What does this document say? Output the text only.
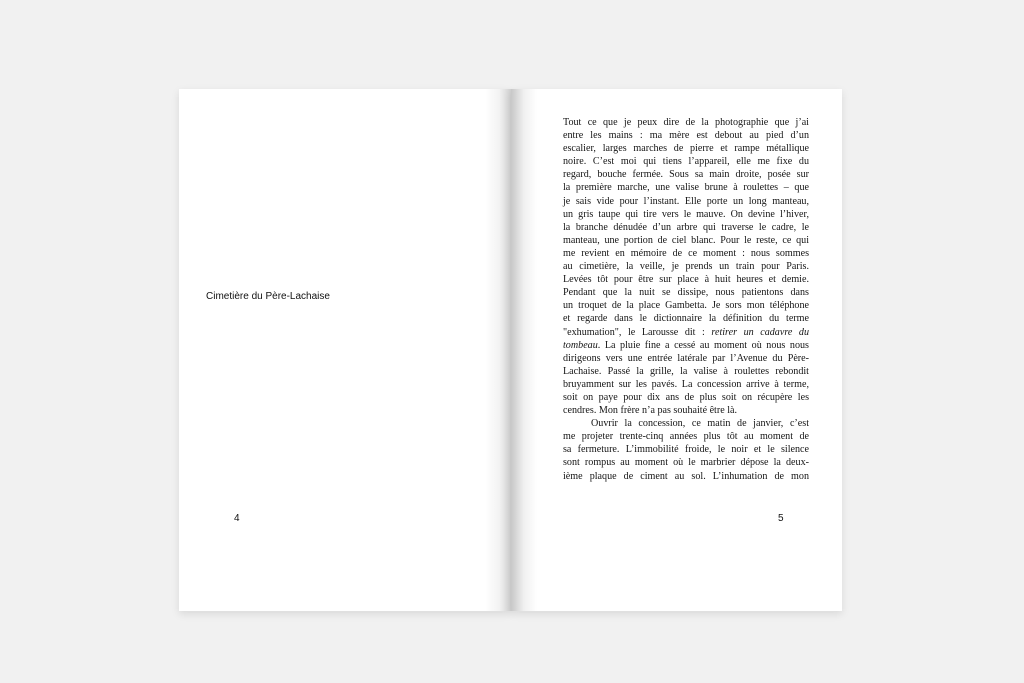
Cimetière du Père-Lachaise
4
Tout ce que je peux dire de la photographie que j’ai
entre les mains : ma mère est debout au pied d’un
escalier, larges marches de pierre et rampe métallique
noire. C’est moi qui tiens l’appareil, elle me fixe du
regard, bouche fermée. Sous sa main droite, posée sur
la première marche, une valise brune à roulettes – que
je sais vide pour l’instant. Elle porte un long manteau,
un gris taupe qui tire vers le mauve. On devine l’hiver,
la branche dénudée d’un arbre qui traverse le cadre, le
manteau, une portion de ciel blanc. Pour le reste, ce qui
me revient en mémoire de ce moment : nous sommes
au cimetière, la veille, je prends un train pour Paris.
Levées tôt pour être sur place à huit heures et demie.
Pendant que la nuit se dissipe, nous patientons dans
un troquet de la place Gambetta. Je sors mon téléphone
et regarde dans le dictionnaire la définition du terme
"exhumation", le Larousse dit : retirer un cadavre du
tombeau. La pluie fine a cessé au moment où nous nous
dirigeons vers une entrée latérale par l’Avenue du Père-
Lachaise. Passé la grille, la valise à roulettes rebondit
bruyamment sur les pavés. La concession arrive à terme,
soit on paye pour dix ans de plus soit on récupère les
cendres. Mon frère n’a pas souhaité être là.
Ouvrir la concession, ce matin de janvier, c’est
me projeter trente-cinq années plus tôt au moment de
sa fermeture. L’immobilité froide, le noir et le silence
sont rompus au moment où le marbrier dépose la deux-
ième plaque de ciment au sol. L’inhumation de mon
5
